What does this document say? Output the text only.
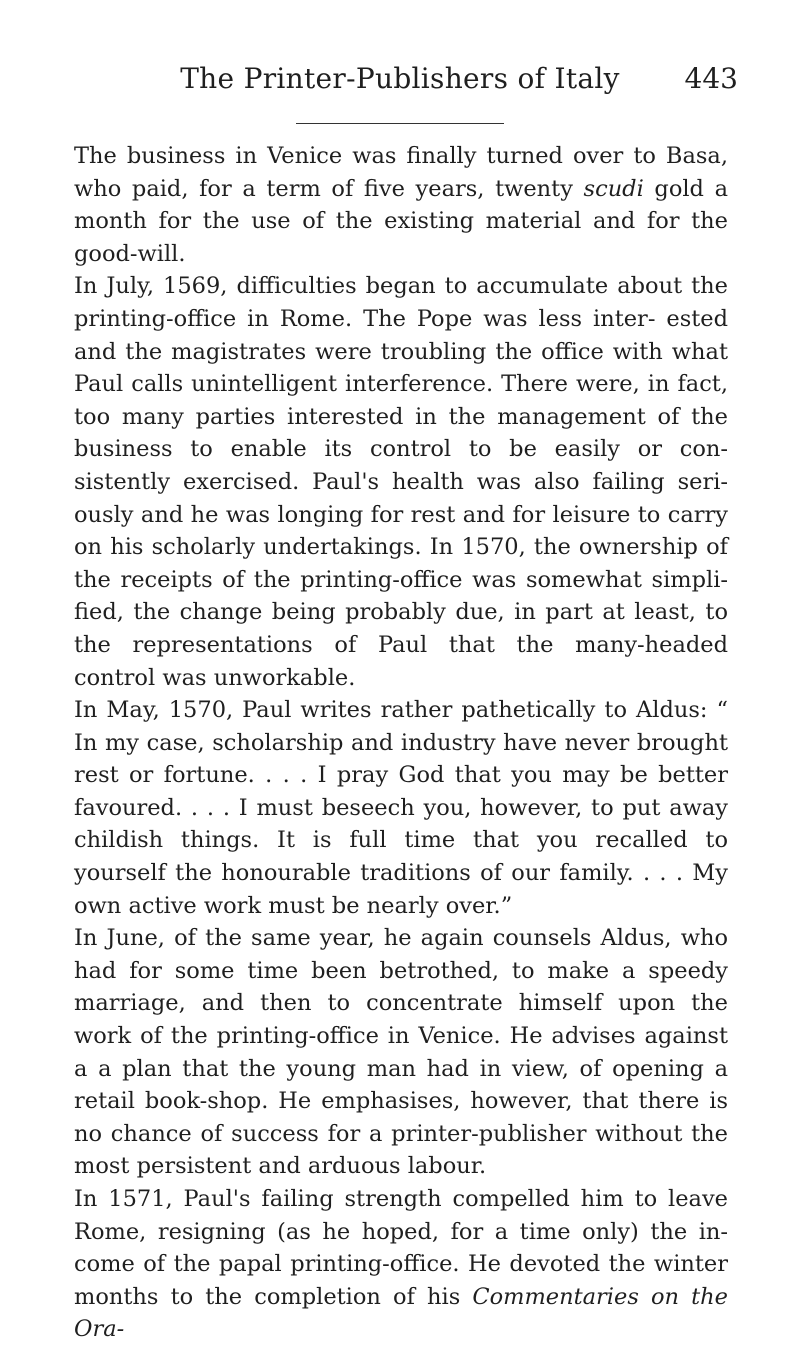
The Printer-Publishers of Italy	443

The business in Venice was finally turned over to Basa, who paid, for a term of five years, twenty scudi gold a month for the use of the existing material and for the good-will.

In July, 1569, difficulties began to accumulate about the printing-office in Rome. The Pope was less inter- ested and the magistrates were troubling the office with what Paul calls unintelligent interference. There were, in fact, too many parties interested in the management of the business to enable its control to be easily or con- sistently exercised. Paul's health was also failing seri- ously and he was longing for rest and for leisure to carry on his scholarly undertakings. In 1570, the ownership of the receipts of the printing-office was somewhat simpli- fied, the change being probably due, in part at least, to the representations of Paul that the many-headed control was unworkable.

In May, 1570, Paul writes rather pathetically to Aldus: “ In my case, scholarship and industry have never brought rest or fortune. . . . I pray God that you may be better favoured. . . . I must beseech you, however, to put away childish things. It is full time that you recalled to yourself the honourable traditions of our family. . . . My own active work must be nearly over.”

In June, of the same year, he again counsels Aldus, who had for some time been betrothed, to make a speedy marriage, and then to concentrate himself upon the work of the printing-office in Venice. He advises against a a plan that the young man had in view, of opening a retail book-shop. He emphasises, however, that there is no chance of success for a printer-publisher without the most persistent and arduous labour.

In 1571, Paul's failing strength compelled him to leave Rome, resigning (as he hoped, for a time only) the in- come of the papal printing-office. He devoted the winter months to the completion of his Commentaries on the Ora-
